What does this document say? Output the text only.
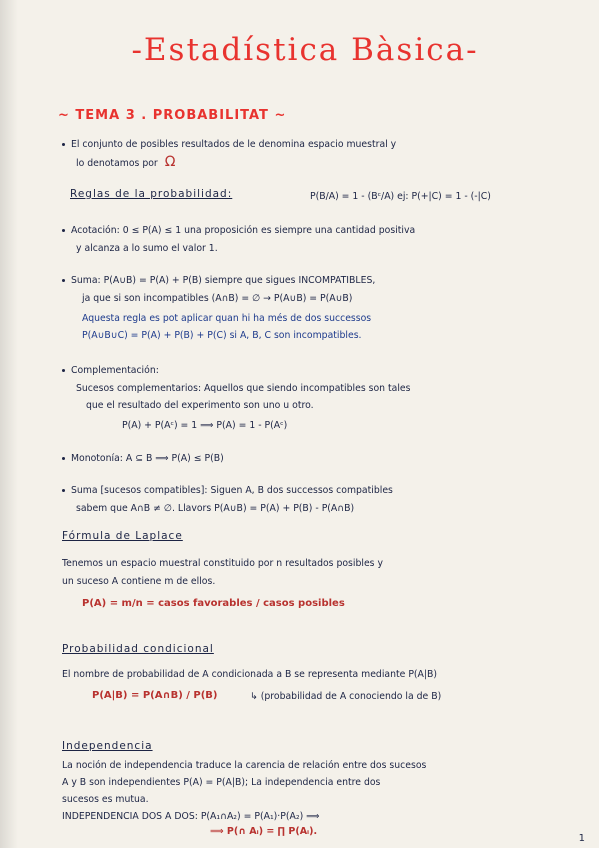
-Estadística Bàsica-
~ TEMA 3 . PROBABILITAT ~
El conjunto de posibles resultados de le denomina espacio muestral y
lo denotamos por Ω
Reglas de la probabilidad:	P(B/A) = 1 - (Bᶜ/A) ej: P(+|C) = 1 - (-|C)
Acotación: 0 ≤ P(A) ≤ 1 una proposición es siempre una cantidad positiva
y alcanza a lo sumo el valor 1.
Suma: P(A∪B) = P(A) + P(B) siempre que sigues INCOMPATIBLES,
ja que si son incompatibles (A∩B) = ∅ → P(A∪B) = P(A∪B)
Aquesta regla es pot aplicar quan hi ha més de dos successos
P(A∪B∪C) = P(A) + P(B) + P(C) si A, B, C son incompatibles.
Complementación:
Sucesos complementarios: Aquellos que siendo incompatibles son tales
que el resultado del experimento son uno u otro.
P(A) + P(Aᶜ) = 1 ⟹ P(A) = 1 - P(Aᶜ)
Monotonía: A ⊆ B ⟹ P(A) ≤ P(B)
Suma [sucesos compatibles]: Siguen A, B dos successos compatibles
sabem que A∩B ≠ ∅. Llavors P(A∪B) = P(A) + P(B) - P(A∩B)
Fórmula de Laplace
Tenemos un espacio muestral constituido por n resultados posibles y
un suceso A contiene m de ellos.
P(A) = m/n = casos favorables / casos posibles
Probabilidad condicional
El nombre de probabilidad de A condicionada a B se representa mediante P(A|B)
P(A|B) = P(A∩B) / P(B)	↳ (probabilidad de A conociendo la de B)
Independencia
La noción de independencia traduce la carencia de relación entre dos sucesos
A y B son independientes P(A) = P(A|B); La independencia entre dos
sucesos es mutua.
INDEPENDENCIA DOS A DOS: P(A₁∩A₂) = P(A₁)·P(A₂) ⟹
⟹ P(∩ Aᵢ) = ∏ P(Aᵢ).
1
